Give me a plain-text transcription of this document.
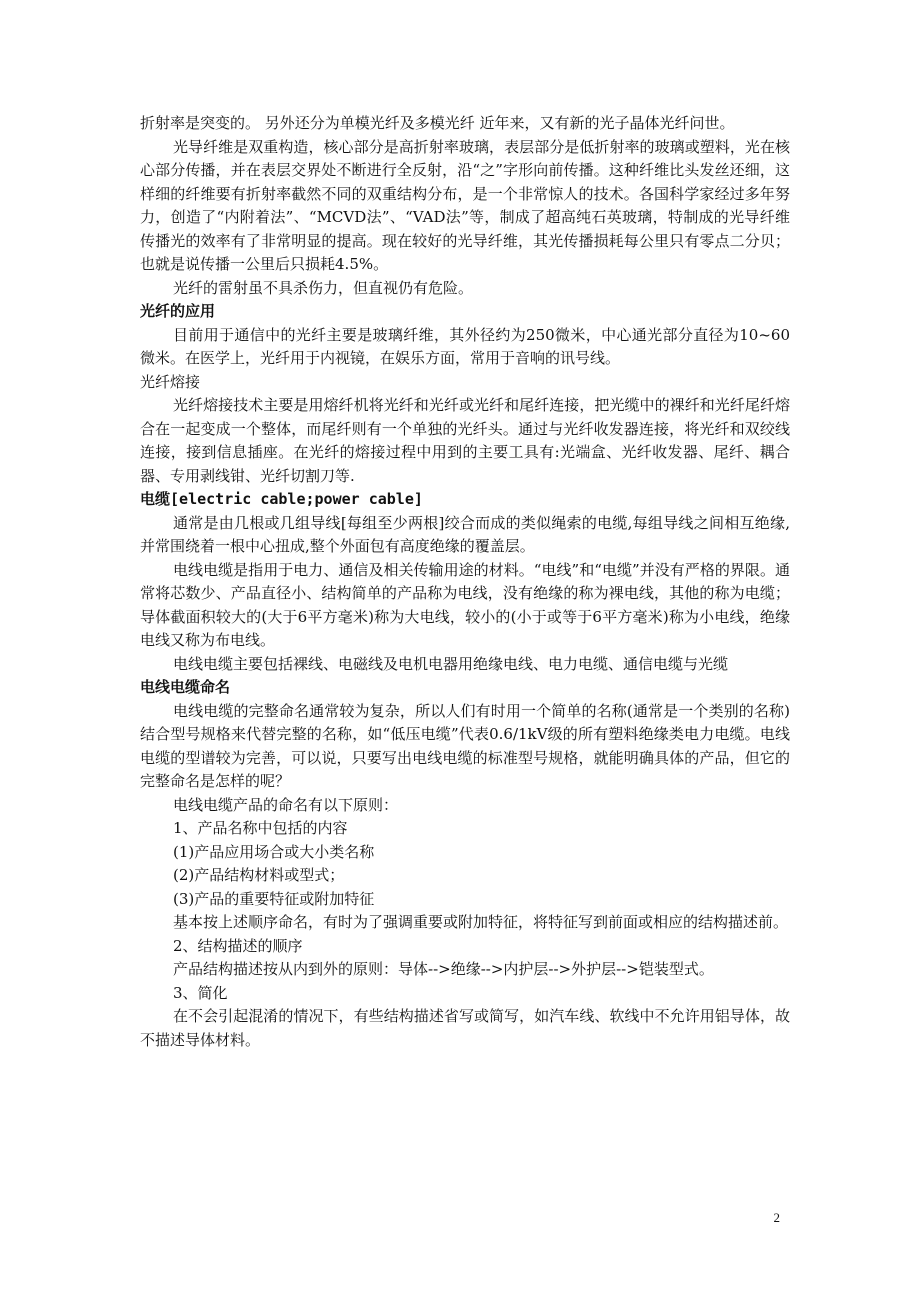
折射率是突变的。 另外还分为单模光纤及多模光纤 近年来，又有新的光子晶体光纤问世。

光导纤维是双重构造，核心部分是高折射率玻璃，表层部分是低折射率的玻璃或塑料，光在核心部分传播，并在表层交界处不断进行全反射，沿“之”字形向前传播。这种纤维比头发丝还细，这样细的纤维要有折射率截然不同的双重结构分布，是一个非常惊人的技术。各国科学家经过多年努力，创造了“内附着法”、“MCVD法”、“VAD法”等，制成了超高纯石英玻璃，特制成的光导纤维传播光的效率有了非常明显的提高。现在较好的光导纤维，其光传播损耗每公里只有零点二分贝；也就是说传播一公里后只损耗4.5%。

光纤的雷射虽不具杀伤力，但直视仍有危险。

光纤的应用

目前用于通信中的光纤主要是玻璃纤维，其外径约为250微米，中心通光部分直径为10~60微米。在医学上，光纤用于内视镜，在娱乐方面，常用于音响的讯号线。

光纤熔接

光纤熔接技术主要是用熔纤机将光纤和光纤或光纤和尾纤连接，把光缆中的裸纤和光纤尾纤熔合在一起变成一个整体，而尾纤则有一个单独的光纤头。通过与光纤收发器连接，将光纤和双绞线连接，接到信息插座。在光纤的熔接过程中用到的主要工具有:光端盒、光纤收发器、尾纤、耦合器、专用剥线钳、光纤切割刀等.

电缆[electric cable;power cable]

通常是由几根或几组导线[每组至少两根]绞合而成的类似绳索的电缆,每组导线之间相互绝缘,并常围绕着一根中心扭成,整个外面包有高度绝缘的覆盖层。

电线电缆是指用于电力、通信及相关传输用途的材料。“电线”和“电缆”并没有严格的界限。通常将芯数少、产品直径小、结构简单的产品称为电线，没有绝缘的称为裸电线，其他的称为电缆；导体截面积较大的(大于6平方毫米)称为大电线，较小的(小于或等于6平方毫米)称为小电线，绝缘电线又称为布电线。

电线电缆主要包括裸线、电磁线及电机电器用绝缘电线、电力电缆、通信电缆与光缆

电线电缆命名

电线电缆的完整命名通常较为复杂，所以人们有时用一个简单的名称(通常是一个类别的名称)结合型号规格来代替完整的名称，如“低压电缆”代表0.6/1kV级的所有塑料绝缘类电力电缆。电线电缆的型谱较为完善，可以说，只要写出电线电缆的标准型号规格，就能明确具体的产品，但它的完整命名是怎样的呢？

电线电缆产品的命名有以下原则：

1、产品名称中包括的内容

(1)产品应用场合或大小类名称

(2)产品结构材料或型式；

(3)产品的重要特征或附加特征

基本按上述顺序命名，有时为了强调重要或附加特征，将特征写到前面或相应的结构描述前。

2、结构描述的顺序

产品结构描述按从内到外的原则：导体-->绝缘-->内护层-->外护层-->铠装型式。

3、简化

在不会引起混淆的情况下，有些结构描述省写或简写，如汽车线、软线中不允许用铝导体，故不描述导体材料。

2
